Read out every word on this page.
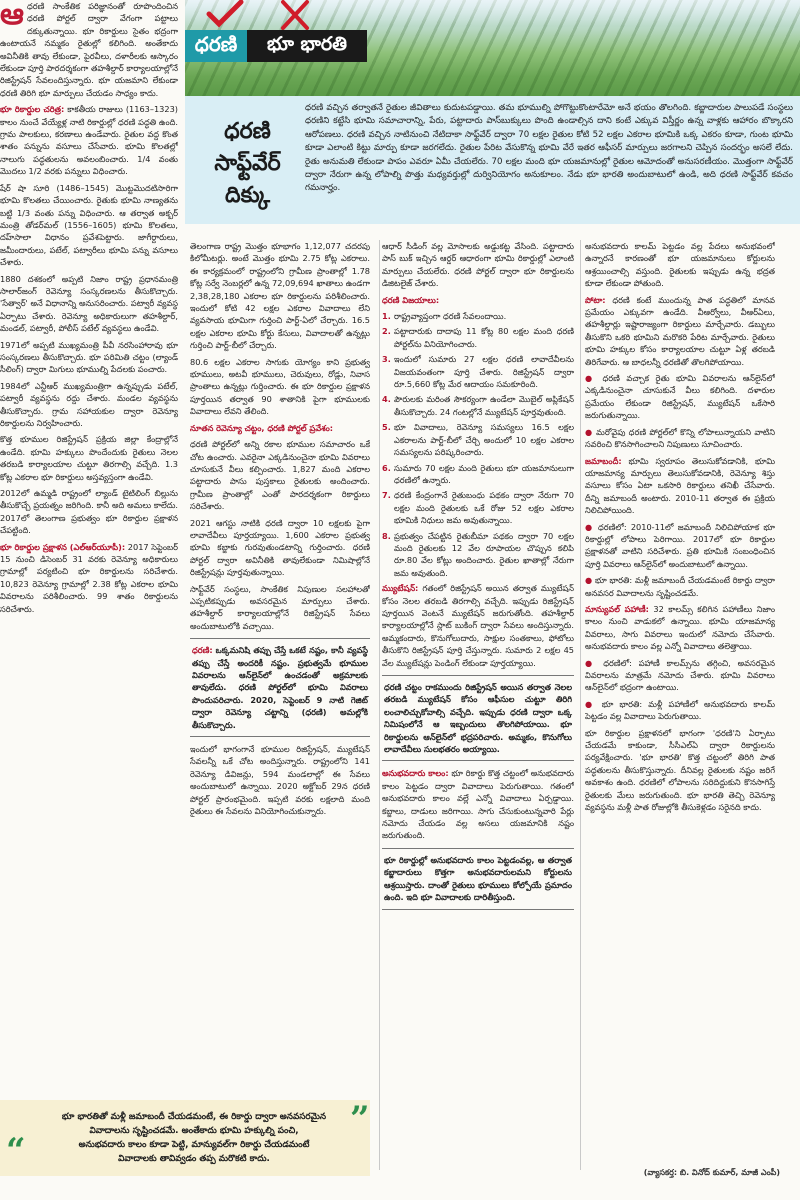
ఆధరణి సాంకేతిక పరిజ్ఞానంతో రూపొందించిన ధరణి పోర్టల్ ద్వారా వేగంగా పట్టాలు దక్కుతున్నాయి. భూ రికార్డులు సైతం భద్రంగా ఉంటాయనే నమ్మకం రైతుల్లో కలిగింది. అంతేకాదు అవినీతికి తావు లేకుండా, పైరవీలు, దళారీలకు ఆస్కారం లేకుండా పూర్తి పారదర్శకంగా తహశీల్దార్ కార్యాలయాల్లోనే రిజిస్ట్రేషన్ సేవలందిస్తున్నారు. భూ యజమాని లేకుండా ధరణి తిరిగి భూ మార్పులు చేయడం సాధ్యం కాదు.

భూ రికార్డుల చరిత్ర: కాకతీయ రాజులు (1163–1323) కాలం నుంచే వేయ్యేళ్ల నాటి రికార్డుల్లో ధరణి పద్ధతి ఉంది. గ్రామ పాలకులు, కరణాలు ఉండేవారు. రైతుల వద్ద కొంత శాతం పన్నును వసూలు చేసేవారు. భూమి కొలతల్లో నాలుగు పద్ధతులను అవలంబించారు. 1/4 వంతు మొదలు 1/2 వరకు పన్నులు విధించారు.

షేర్ షా సూరి (1486–1545) మొట్టమొదటిసారిగా భూమి కొలతలు చేయించారు. రైతుకు భూమి నాణ్యతను బట్టి 1/3 వంతు పన్ను విధించారు. ఆ తర్వాత అక్బర్ మంత్రి తోడర్‌మల్ (1556–1605) భూమి కొలతలు, దహ్‌సాలా విధానం ప్రవేశపెట్టారు. జాగీర్దారులు, జమీందారులు, పటేల్, పట్వారీలు భూమి పన్ను వసూలు చేశారు.

1880 దశకంలో అప్పటి నిజాం రాష్ట్ర ప్రధానమంత్రి సాలార్‌జంగ్ రెవెన్యూ సంస్కరణలను తీసుకొచ్చారు. 'సేత్వార్' అనే విధానాన్ని అనుసరించారు. పట్వారీ వ్యవస్థ ఏర్పాటు చేశారు. రెవెన్యూ అధికారులుగా తహశీల్దార్, మండల్, పట్వారీ, పోలీస్ పటేల్ వ్యవస్థలు ఉండేవి.

1971లో అప్పటి ముఖ్యమంత్రి పీవీ నరసింహారావు భూ సంస్కరణలు తీసుకొచ్చారు. భూ పరిమితి చట్టం (ల్యాండ్ సీలింగ్) ద్వారా మిగులు భూముల్ని పేదలకు పంచారు.

1984లో ఎన్టీఆర్ ముఖ్యమంత్రిగా ఉన్నప్పుడు పటేల్, పట్వారీ వ్యవస్థను రద్దు చేశారు. మండల వ్యవస్థను తీసుకొచ్చారు. గ్రామ సహాయకుల ద్వారా రెవెన్యూ రికార్డులను నిర్వహించారు.

కొత్త భూముల రిజిస్ట్రేషన్ ప్రక్రియ జిల్లా కేంద్రాల్లోనే ఉండేది. భూమి హక్కులు పొందేందుకు రైతులు నెలల తరబడి కార్యాలయాల చుట్టూ తిరగాల్సి వచ్చేది. 1.3 కోట్ల ఎకరాల భూ రికార్డులు అస్తవ్యస్తంగా ఉండేవి.

2012లో ఉమ్మడి రాష్ట్రంలో ల్యాండ్ టైటిలింగ్ బిల్లును తీసుకొచ్చే ప్రయత్నం జరిగింది. కానీ అది అమలు కాలేదు. 2017లో తెలంగాణ ప్రభుత్వం భూ రికార్డుల ప్రక్షాళన చేపట్టింది.

భూ రికార్డుల ప్రక్షాళన (ఎల్ఆర్‌యూపీ): 2017 సెప్టెంబర్ 15 నుంచి డిసెంబర్ 31 వరకు రెవెన్యూ అధికారులు గ్రామాల్లో పర్యటించి భూ రికార్డులను సరిచేశారు. 10,823 రెవెన్యూ గ్రామాల్లో 2.38 కోట్ల ఎకరాల భూమి వివరాలను పరిశీలించారు. 99 శాతం రికార్డులను సరిచేశారు.

ధరణి	భూ భారతి
ధరణి
సాఫ్ట్‌వేర్
దిక్కు
ధరణి వచ్చిన తర్వాతనే రైతుల జీవితాలు కుదుటపడ్డాయి. తమ భూముల్ని పోగొట్టుకొంటారేమో అనే భయం తొలగింది. కబ్జాదారుల పాలుపడే సంస్థలు ధరణిని కట్టేసి భూమి సమాచారాన్ని, పేరు, పట్టాదారు పాస్‌బుక్కులు పొంది ఉండాల్సిన దాని కంటే ఎక్కువ విస్తీర్ణం ఉన్న వాళ్లకు ఆహారం బొక్కారని ఆరోపణలు. ధరణి వచ్చిన నాటినుంచి నేటిదాకా సాఫ్ట్‌వేర్ ద్వారా 70 లక్షల రైతుల కోటి 52 లక్షల ఎకరాల భూమికి ఒక్క ఎకరం కూడా, గుంట భూమి కూడా ఎలాంటి కిట్టు మార్పు కూడా జరగలేదు. రైతుల పేరిట వేసుకొన్న భూమి వేరే ఇతర ఆఫీసర్ మార్పులు జరగాలని చెప్పిన సందర్భం అసలే లేదు. రైతు అనుమతి లేకుండా పాపం ఎవరూ ఏమీ చేయలేరు. 70 లక్షల మంది భూ యజమానుల్లో రైతుల ఆమోదంతో అనుసరణీయం. మొత్తంగా సాఫ్ట్‌వేర్ ద్వారా నేరుగా ఉన్న లోపాల్ని పొత్తు మధ్యవర్తుల్లో దుర్వినియోగం అనుకూలం. నేడు భూ భారతి అందుబాటులో ఉండి, అది ధరణి సాఫ్ట్‌వేర్ కవచం గమనార్హం.

తెలంగాణ రాష్ట్ర మొత్తం భూభాగం 1,12,077 చదరపు కిలోమీటర్లు. అంటే మొత్తం భూమి 2.75 కోట్ల ఎకరాలు. ఈ కార్యక్రమంలో రాష్ట్రంలోని గ్రామీణ ప్రాంతాల్లో 1.78 కోట్ల సర్వే నెంబర్లలో ఉన్న 72,09,694 ఖాతాలు ఉండగా 2,38,28,180 ఎకరాల భూ రికార్డులను పరిశీలించారు. ఇందులో కోటి 42 లక్షల ఎకరాల వివాదాలు లేని వ్యవసాయ భూమిగా గుర్తించి పార్ట్-ఏలో చేర్చారు. 16.5 లక్షల ఎకరాల భూమి కోర్టు కేసులు, వివాదాలతో ఉన్నట్లు గుర్తించి పార్ట్-బీలో చేర్చారు.

80.6 లక్షల ఎకరాల సాగుకు యోగ్యం కాని ప్రభుత్వ భూములు, అటవీ భూములు, చెరువులు, రోడ్లు, నివాస ప్రాంతాలు ఉన్నట్లు గుర్తించారు. ఈ భూ రికార్డుల ప్రక్షాళన పూర్తయిన తర్వాత 90 శాతానికి పైగా భూములకు వివాదాలు లేవని తేలింది.

నూతన రెవెన్యూ చట్టం, ధరణి పోర్టల్ ప్రవేశం:

ధరణి పోర్టల్‌లో అన్ని రకాల భూముల సమాచారం ఒకే చోట ఉంచారు. ఎవరైనా ఎక్కడినుంచైనా భూమి వివరాలు చూసుకునే వీలు కల్పించారు. 1,827 మంది ఎకరాల పట్టాదారు పాసు పుస్తకాలు రైతులకు అందించారు. గ్రామీణ ప్రాంతాల్లో ఎంతో పారదర్శకంగా రికార్డులు సరిచేశారు.

2021 ఆగస్టు నాటికి ధరణి ద్వారా 10 లక్షలకు పైగా లావాదేవీలు పూర్తయ్యాయి. 1,600 ఎకరాల ప్రభుత్వ భూమి కబ్జాకు గురవుతుండటాన్ని గుర్తించారు. ధరణి పోర్టల్ ద్వారా అవినీతికి తావులేకుండా నిమిషాల్లోనే రిజిస్ట్రేషన్లు పూర్తవుతున్నాయి.

సాఫ్ట్‌వేర్ సంస్థలు, సాంకేతిక నిపుణుల సలహాలతో ఎప్పటికప్పుడు అవసరమైన మార్పులు చేశారు. తహశీల్దార్ కార్యాలయాల్లోనే రిజిస్ట్రేషన్ సేవలు అందుబాటులోకి వచ్చాయి.

ధరణి: ఒక్కమనిషి తప్పు చేస్తే ఒకటే నష్టం, కానీ వ్యవస్థే తప్పు చేస్తే అందరికీ నష్టం. ప్రభుత్వమే భూముల వివరాలను ఆన్‌లైన్‌లో ఉంచడంతో అక్రమాలకు తావులేదు. ధరణి పోర్టల్‌లో భూమి వివరాలు పొందుపరిచారు. 2020, సెప్టెంబర్ 9 నాటి గెజిట్ ద్వారా రెవెన్యూ చట్టాన్ని (ధరణి) అమల్లోకి తీసుకొచ్చారు.

ఇందులో భాగంగానే భూముల రిజిస్ట్రేషన్, మ్యుటేషన్ సేవలన్నీ ఒకే చోట అందిస్తున్నారు. రాష్ట్రంలోని 141 రెవెన్యూ డివిజన్లు, 594 మండలాల్లో ఈ సేవలు అందుబాటులో ఉన్నాయి. 2020 అక్టోబర్ 29న ధరణి పోర్టల్ ప్రారంభమైంది. ఇప్పటి వరకు లక్షలాది మంది రైతులు ఈ సేవలను వినియోగించుకున్నారు.

ఆధార్ సీడింగ్ వల్ల మోసాలకు అడ్డుకట్ట వేసింది. పట్టాదారు పాస్ బుక్ ఇచ్చిన ఆర్డర్ ఆధారంగా భూమి రికార్డుల్లో ఎలాంటి మార్పులు చేయలేరు. ధరణి పోర్టల్ ద్వారా భూ రికార్డులను డిజిటలైజ్ చేశారు.

ధరణి విజయాలు:

1. రాష్ట్రవ్యాప్తంగా ధరణి సేవలందాయి.
2. పట్టాదారుకు దాదాపు 11 కోట్ల 80 లక్షల మంది ధరణి పోర్టల్‌ను వినియోగించారు.
3. ఇందులో సుమారు 27 లక్షల ధరణి లావాదేవీలను విజయవంతంగా పూర్తి చేశారు. రిజిస్ట్రేషన్ ద్వారా రూ.5,660 కోట్ల మేర ఆదాయం సమకూరింది.
4. పౌరులకు మరింత సౌకర్యంగా ఉండేలా మొబైల్ అప్లికేషన్ తీసుకొచ్చారు. 24 గంటల్లోనే మ్యుటేషన్ పూర్తవుతుంది.
5. భూ వివాదాలు, రెవెన్యూ సమస్యలు 16.5 లక్షల ఎకరాలను పార్ట్-బీలో చేర్చి అందులో 10 లక్షల ఎకరాల సమస్యలను పరిష్కరించారు.
6. సుమారు 70 లక్షల మంది రైతులు భూ యజమానులుగా ధరణిలో ఉన్నారు.
7. ధరణి కేంద్రంగానే రైతుబంధు పథకం ద్వారా నేరుగా 70 లక్షల మంది రైతులకు ఒకే రోజు 52 లక్షల ఎకరాల భూమికి నిధులు జమ అవుతున్నాయి.
8. ప్రభుత్వం చేపట్టిన రైతుబీమా పథకం ద్వారా 70 లక్షల మంది రైతులకు 12 వేల రూపాయల చొప్పున కలిపి రూ.80 వేల కోట్లు అందించారు. రైతుల ఖాతాల్లో నేరుగా జమ అవుతుంది.

మ్యుటేషన్: గతంలో రిజిస్ట్రేషన్ అయిన తర్వాత మ్యుటేషన్ కోసం నెలల తరబడి తిరగాల్సి వచ్చేది. ఇప్పుడు రిజిస్ట్రేషన్ పూర్తయిన వెంటనే మ్యుటేషన్ జరుగుతోంది. తహశీల్దార్ కార్యాలయాల్లోనే స్లాట్ బుకింగ్ ద్వారా సేవలు అందిస్తున్నారు. అమ్మకందారు, కొనుగోలుదారు, సాక్షుల సంతకాలు, ఫోటోలు తీసుకొని రిజిస్ట్రేషన్ పూర్తి చేస్తున్నారు. సుమారు 2 లక్షల 45 వేల మ్యుటేషన్లు పెండింగ్ లేకుండా పూర్తయ్యాయి.

ధరణి చట్టం రాకముందు రిజిస్ట్రేషన్ అయిన తర్వాత నెలల తరబడి మ్యుటేషన్ కోసం ఆఫీసుల చుట్టూ తిరిగి లంచాలిచ్చుకోవాల్సి వచ్చేది. ఇప్పుడు ధరణి ద్వారా ఒక్క నిమిషంలోనే ఆ ఇబ్బందులు తొలగిపోయాయి. భూ రికార్డులను ఆన్‌లైన్‌లో భద్రపరిచారు. అమ్మకం, కొనుగోలు లావాదేవీలు సులభతరం అయ్యాయి.

అనుభవదారు కాలం: భూ రికార్డు కొత్త చట్టంలో అనుభవదారు కాలం పెట్టడం ద్వారా వివాదాలు పెరుగుతాయి. గతంలో అనుభవదారు కాలం వల్లే ఎన్నో వివాదాలు ఏర్పడ్డాయి. కబ్జాలు, దాడులు జరిగాయి. సాగు చేసుకుంటున్నవారి పేర్లు నమోదు చేయడం వల్ల అసలు యజమానికి నష్టం జరుగుతుంది.

భూ రికార్డుల్లో అనుభవదారు కాలం పెట్టడంవల్ల, ఆ తర్వాత కబ్జాదారులు కొత్తగా అనుభవదారులమని కోర్టులను ఆశ్రయిస్తారు. దాంతో రైతులు భూములు కోల్పోయే ప్రమాదం ఉంది. ఇది భూ వివాదాలకు దారితీస్తుంది.

అనుభవదారు కాలమ్ పెట్టడం వల్ల పేదలు అనుభవంలో ఉన్నారనే కారణంతో భూ యజమానులు కోర్టులను ఆశ్రయించాల్సి వస్తుంది. రైతులకు ఇప్పుడు ఉన్న భద్రత కూడా లేకుండా పోతుంది.

పోటా: ధరణి కంటే ముందున్న పాత పద్ధతిలో మానవ ప్రమేయం ఎక్కువగా ఉండేది. వీఆర్వోలు, వీఆర్ఏలు, తహశీల్దార్లు ఇష్టారాజ్యంగా రికార్డులు మార్చేవారు. డబ్బులు తీసుకొని ఒకరి భూమిని మరొకరి పేరిట మార్చేవారు. రైతులు భూమి హక్కుల కోసం కార్యాలయాల చుట్టూ ఏళ్ల తరబడి తిరిగేవారు. ఆ బాధలన్నీ ధరణితో తొలగిపోయాయి.

● ధరణి వచ్చాక రైతు భూమి వివరాలను ఆన్‌లైన్‌లో ఎక్కడినుంచైనా చూసుకునే వీలు కలిగింది. దళారుల ప్రమేయం లేకుండా రిజిస్ట్రేషన్, మ్యుటేషన్ ఒకేసారి జరుగుతున్నాయి.

● మరోవైపు ధరణి పోర్టల్‌లో కొన్ని లోపాలున్నాయని వాటిని సవరించి కొనసాగించాలని నిపుణులు సూచించారు.

జమాబందీ: భూమి స్వరూపం తెలుసుకోవడానికి, భూమి యాజమాన్య మార్పులు తెలుసుకోవడానికి, రెవెన్యూ శిస్తు వసూలు కోసం ఏటా ఒకసారి రికార్డులు తనిఖీ చేసేవారు. దీన్ని జమాబందీ అంటారు. 2010-11 తర్వాత ఈ ప్రక్రియ నిలిచిపోయింది.

● ధరణిలో: 2010-11లో జమాబందీ నిలిచిపోయాక భూ రికార్డుల్లో లోపాలు పెరిగాయి. 2017లో భూ రికార్డుల ప్రక్షాళనతో వాటిని సరిచేశారు. ప్రతి భూమికి సంబంధించిన పూర్తి వివరాలు ఆన్‌లైన్‌లో అందుబాటులో ఉన్నాయి.

● భూ భారతి: మళ్లీ జమాబందీ చేయడమంటే రికార్డు ద్వారా అనవసర వివాదాలను సృష్టించడమే.

మాన్యువల్ పహాణీ: 32 కాలమ్స్ కలిగిన పహాణీలు నిజాం కాలం నుంచి వాడుకలో ఉన్నాయి. భూమి యాజమాన్య వివరాలు, సాగు వివరాలు ఇందులో నమోదు చేసేవారు. అనుభవదారు కాలం వల్ల ఎన్నో వివాదాలు తలెత్తాయి.

● ధరణిలో: పహాణీ కాలమ్స్‌ను తగ్గించి, అవసరమైన వివరాలను మాత్రమే నమోదు చేశారు. భూమి వివరాలు ఆన్‌లైన్‌లో భద్రంగా ఉంటాయి.

● భూ భారతి: మళ్లీ పహాణీలో అనుభవదారు కాలమ్ పెట్టడం వల్ల వివాదాలు పెరుగుతాయి.

భూ రికార్డుల ప్రక్షాళనలో భాగంగా 'ధరణి'ని ఏర్పాటు చేయడమే కాకుండా, సీసీఎల్ఏ ద్వారా రికార్డులను పర్యవేక్షించారు. 'భూ భారతి' కొత్త చట్టంలో తిరిగి పాత పద్ధతులను తీసుకొస్తున్నారు. దీనివల్ల రైతులకు నష్టం జరిగే అవకాశం ఉంది. ధరణిలో లోపాలను సరిదిద్దుకుని కొనసాగిస్తే రైతులకు మేలు జరుగుతుంది. భూ భారతి తెచ్చి రెవెన్యూ వ్యవస్థను మళ్లీ పాత రోజుల్లోకి తీసుకెళ్లడం సరైనది కాదు.

“
”
భూ భారతితో మళ్లీ జమాబందీ చేయడమంటే, ఈ రికార్డు ద్వారా అనవసరమైన
వివాదాలను సృష్టించడమే. అంతేకాదు భూమి హక్కుల్ని పంచి,
అనుభవదారు కాలం కూడా పెట్టి, మాన్యువల్‌గా రికార్డు చేయడమంటే
వివాదాలకు తావివ్వడం తప్ప మరొకటి కాదు.
(వ్యాసకర్త: బి. వినోద్ కుమార్, మాజీ ఎంపీ)
